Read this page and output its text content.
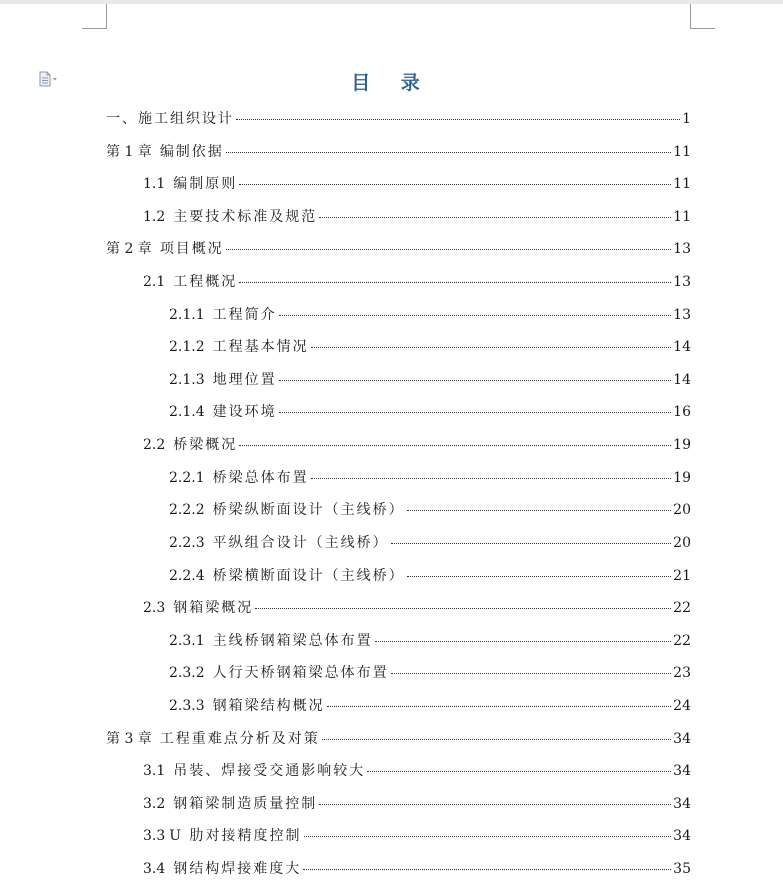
目 录
一、施工组织设计	1
第 1 章 编制依据	11
1.1 编制原则	11
1.2 主要技术标准及规范	11
第 2 章 项目概况	13
2.1 工程概况	13
2.1.1 工程简介	13
2.1.2 工程基本情况	14
2.1.3 地理位置	14
2.1.4 建设环境	16
2.2 桥梁概况	19
2.2.1 桥梁总体布置	19
2.2.2 桥梁纵断面设计（主线桥）	20
2.2.3 平纵组合设计（主线桥）	20
2.2.4 桥梁横断面设计（主线桥）	21
2.3 钢箱梁概况	22
2.3.1 主线桥钢箱梁总体布置	22
2.3.2 人行天桥钢箱梁总体布置	23
2.3.3 钢箱梁结构概况	24
第 3 章 工程重难点分析及对策	34
3.1 吊装、焊接受交通影响较大	34
3.2 钢箱梁制造质量控制	34
3.3 U 肋对接精度控制	34
3.4 钢结构焊接难度大	35
